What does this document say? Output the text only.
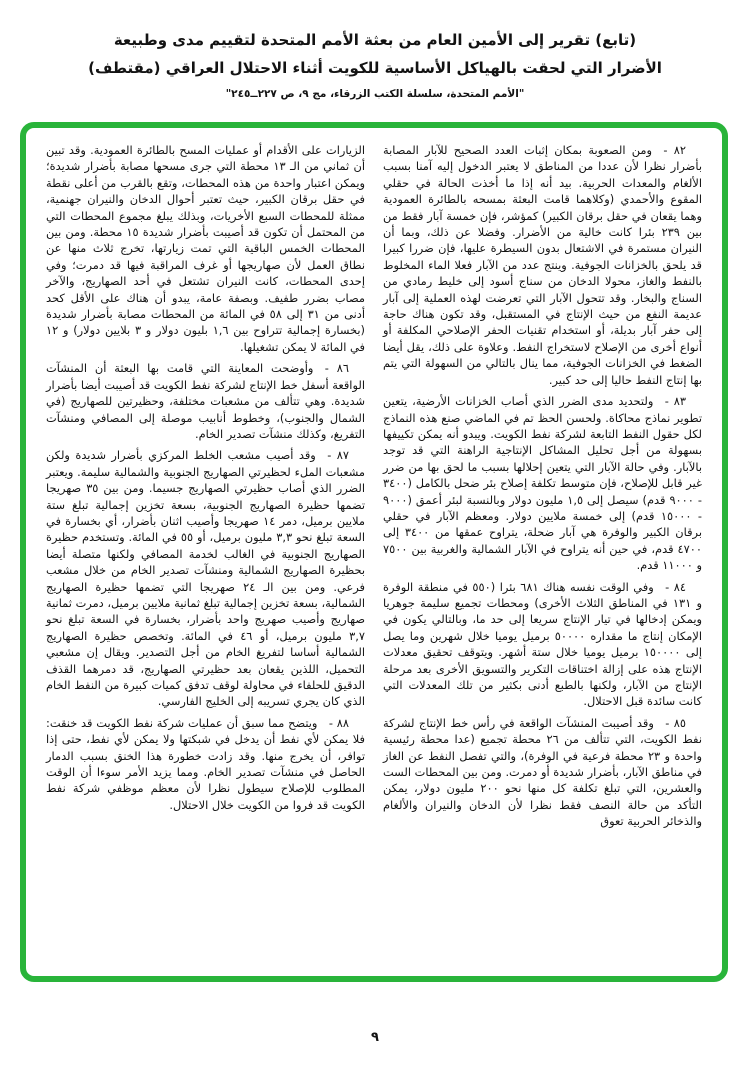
(تابع) تقرير إلى الأمين العام من بعثة الأمم المتحدة لتقييم مدى وطبيعة
الأضرار التي لحقت بالهياكل الأساسية للكويت أثناء الاحتلال العراقي (مقتطف)
"الأمم المتحدة، سلسلة الكتب الزرقاء، مج ٩، ص ٢٢٧ــ٢٤٥"

٨٢ - ومن الصعوبة بمكان إثبات العدد الصحيح للآبار المصابة بأضرار نظرا لأن عددا من المناطق لا يعتبر الدخول إليه آمنا بسبب الألغام والمعدات الحربية. بيد أنه إذا ما أخذت الحالة في حقلي المقوع والأحمدي (وكلاهما قامت البعثة بمسحه بالطائرة العمودية وهما يقعان في حقل برقان الكبير) كمؤشر، فإن خمسة آبار فقط من بين ٢٣٩ بئرا كانت خالية من الأضرار. وفضلا عن ذلك، وبما أن النيران مستمرة في الاشتعال بدون السيطرة عليها، فإن ضررا كبيرا قد يلحق بالخزانات الجوفية. وينتج عدد من الآبار فعلا الماء المخلوط بالنفط والغاز، محولا الدخان من سناج أسود إلى خليط رمادي من السناج والبخار. وقد تتحول الآبار التي تعرضت لهذه العملية إلى آبار عديمة النفع من حيث الإنتاج في المستقبل، وقد تكون هناك حاجة إلى حفر آبار بديلة، أو استخدام تقنيات الحفر الإصلاحي المكلفة أو أنواع أخرى من الإصلاح لاستخراج النفط. وعلاوة على ذلك، يقل أيضا الضغط في الخزانات الجوفية، مما ينال بالتالي من السهولة التي يتم بها إنتاج النفط حاليا إلى حد كبير.

٨٣ - ولتحديد مدى الضرر الذي أصاب الخزانات الأرضية، يتعين تطوير نماذج محاكاة. ولحسن الحظ تم في الماضي صنع هذه النماذج لكل حقول النفط التابعة لشركة نفط الكويت. ويبدو أنه يمكن تكييفها بسهولة من أجل تحليل المشاكل الإنتاجية الراهنة التي قد توجد بالآبار. وفي حالة الآبار التي يتعين إحلالها بسبب ما لحق بها من ضرر غير قابل للإصلاح، فإن متوسط تكلفة إصلاح بئر ضحل بالكامل (٣٤٠٠ - ٩٠٠٠ قدم) سيصل إلى ١,٥ مليون دولار وبالنسبة لبئر أعمق (٩٠٠٠ - ١٥٠٠٠ قدم) إلى خمسة ملايين دولار. ومعظم الآبار في حقلي برقان الكبير والوفرة هي آبار ضحلة، يتراوح عمقها من ٣٤٠٠ إلى ٤٧٠٠ قدم، في حين أنه يتراوح في الآبار الشمالية والغربية بين ٧٥٠٠ و ١١٠٠٠ قدم.

٨٤ - وفي الوقت نفسه هناك ٦٨١ بئرا (٥٥٠ في منطقة الوفرة و ١٣١ في المناطق الثلاث الأخرى) ومحطات تجميع سليمة جوهريا ويمكن إدخالها في تيار الإنتاج سريعا إلى حد ما، وبالتالي يكون في الإمكان إنتاج ما مقداره ٥٠٠٠٠ برميل يوميا خلال شهرين وما يصل إلى ١٥٠٠٠٠ برميل يوميا خلال ستة أشهر. ويتوقف تحقيق معدلات الإنتاج هذه على إزالة اختناقات التكرير والتسويق الأخرى بعد مرحلة الإنتاج من الآبار، ولكنها بالطبع أدنى بكثير من تلك المعدلات التي كانت سائدة قبل الاحتلال.

٨٥ - وقد أصيبت المنشآت الواقعة في رأس خط الإنتاج لشركة نفط الكويت، التي تتألف من ٢٦ محطة تجميع (عدا محطة رئيسية واحدة و ٢٣ محطة فرعية في الوفرة)، والتي تفصل النفط عن الغاز في مناطق الآبار، بأضرار شديدة أو دمرت. ومن بين المحطات الست والعشرين، التي تبلغ تكلفة كل منها نحو ٢٠٠ مليون دولار، يمكن التأكد من حالة النصف فقط نظرا لأن الدخان والنيران والألغام والذخائر الحربية تعوق

الزيارات على الأقدام أو عمليات المسح بالطائرة العمودية. وقد تبين أن ثماني من الـ ١٣ محطة التي جرى مسحها مصابة بأضرار شديدة؛ ويمكن اعتبار واحدة من هذه المحطات، وتقع بالقرب من أعلى نقطة في حقل برقان الكبير، حيث تعتبر أحوال الدخان والنيران جهنمية، ممثلة للمحطات السبع الأخريات، وبذلك يبلغ مجموع المحطات التي من المحتمل أن تكون قد أصيبت بأضرار شديدة ١٥ محطة. ومن بين المحطات الخمس الباقية التي تمت زيارتها، تخرج ثلاث منها عن نطاق العمل لأن صهاريجها أو غرف المراقبة فيها قد دمرت؛ وفي إحدى المحطات، كانت النيران تشتعل في أحد الصهاريج، والآخر مصاب بضرر طفيف. وبصفة عامة، يبدو أن هناك على الأقل كحد أدنى من ٣١ إلى ٥٨ في المائة من المحطات مصابة بأضرار شديدة (بخسارة إجمالية تتراوح بين ١,٦ بليون دولار و ٣ بلايين دولار) و ١٢ في المائة لا يمكن تشغيلها.

٨٦ - وأوضحت المعاينة التي قامت بها البعثة أن المنشآت الواقعة أسفل خط الإنتاج لشركة نفط الكويت قد أصيبت أيضا بأضرار شديدة. وهي تتألف من مشعبات مختلفة، وحظيرتين للصهاريج (في الشمال والجنوب)، وخطوط أنابيب موصلة إلى المصافي ومنشآت التفريغ، وكذلك منشآت تصدير الخام.

٨٧ - وقد أصيب مشعب الخلط المركزي بأضرار شديدة ولكن مشعبات الملء لحظيرتي الصهاريج الجنوبية والشمالية سليمة. ويعتبر الضرر الذي أصاب حظيرتي الصهاريج جسيما. ومن بين ٣٥ صهريجا تضمها حظيرة الصهاريج الجنوبية، بسعة تخزين إجمالية تبلغ ستة ملايين برميل، دمر ١٤ صهريجا وأصيب اثنان بأضرار، أي بخسارة في السعة تبلغ نحو ٣,٣ مليون برميل، أو ٥٥ في المائة. وتستخدم حظيرة الصهاريج الجنوبية في الغالب لخدمة المصافي ولكنها متصلة أيضا بحظيرة الصهاريج الشمالية ومنشآت تصدير الخام من خلال مشعب فرعي. ومن بين الـ ٢٤ صهريجا التي تضمها حظيرة الصهاريج الشمالية، بسعة تخزين إجمالية تبلغ ثمانية ملايين برميل، دمرت ثمانية صهاريج وأصيب صهريج واحد بأضرار، بخسارة في السعة تبلغ نحو ٣,٧ مليون برميل، أو ٤٦ في المائة. وتخصص حظيرة الصهاريج الشمالية أساسا لتفريغ الخام من أجل التصدير. ويقال إن مشعبي التحميل، اللذين يقعان بعد حظيرتي الصهاريج، قد دمرهما القذف الدقيق للحلفاء في محاولة لوقف تدفق كميات كبيرة من النفط الخام الذي كان يجري تسريبه إلى الخليج الفارسي.

٨٨ - ويتضح مما سبق أن عمليات شركة نفط الكويت قد خنقت: فلا يمكن لأي نفط أن يدخل في شبكتها ولا يمكن لأي نفط، حتى إذا توافر، أن يخرج منها. وقد زادت خطورة هذا الخنق بسبب الدمار الحاصل في منشآت تصدير الخام. ومما يزيد الأمر سوءا أن الوقت المطلوب للإصلاح سيطول نظرا لأن معظم موظفي شركة نفط الكويت قد فروا من الكويت خلال الاحتلال.

٩
